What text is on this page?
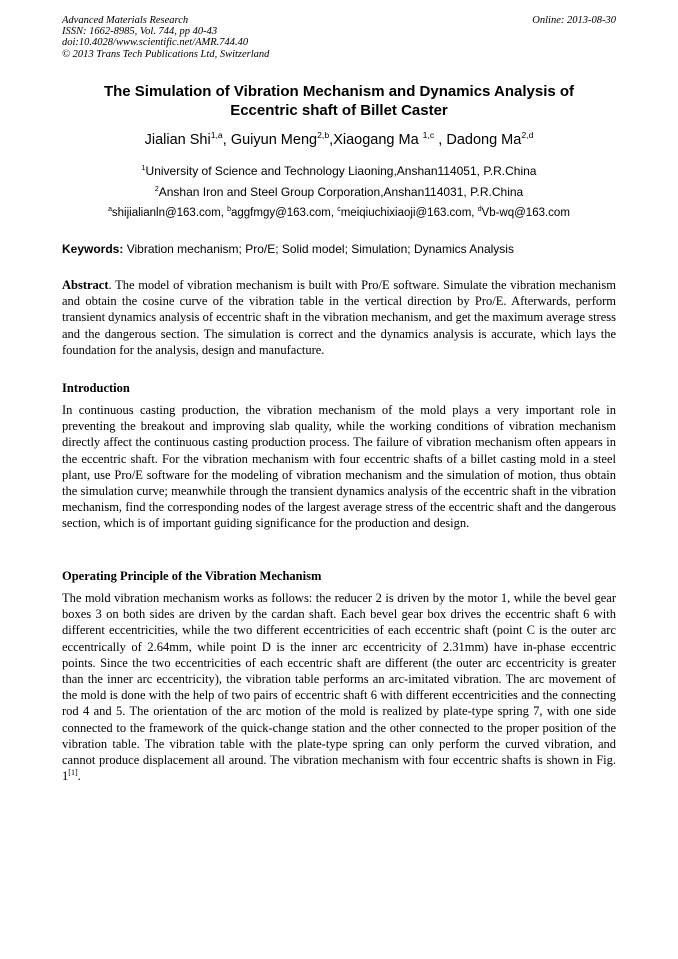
Advanced Materials Research
ISSN: 1662-8985, Vol. 744, pp 40-43
doi:10.4028/www.scientific.net/AMR.744.40
© 2013 Trans Tech Publications Ltd, Switzerland
Online: 2013-08-30
The Simulation of Vibration Mechanism and Dynamics Analysis of
Eccentric shaft of Billet Caster
Jialian Shi$^{1,a}$, Guiyun Meng$^{2,b}$,Xiaogang Ma $^{1,c}$ , Dadong Ma$^{2,d}$
$^1$University of Science and Technology Liaoning,Anshan114051, P.R.China
$^2$Anshan Iron and Steel Group Corporation,Anshan114031, P.R.China
$^a$shijialianln@163.com, $^b$aggfmgy@163.com, $^c$meiqiuchixiaoji@163.com, $^d$Vb-wq@163.com
Keywords: Vibration mechanism; Pro/E; Solid model; Simulation; Dynamics Analysis
Abstract. The model of vibration mechanism is built with Pro/E software. Simulate the vibration mechanism and obtain the cosine curve of the vibration table in the vertical direction by Pro/E. Afterwards, perform transient dynamics analysis of eccentric shaft in the vibration mechanism, and get the maximum average stress and the dangerous section. The simulation is correct and the dynamics analysis is accurate, which lays the foundation for the analysis, design and manufacture.
Introduction
In continuous casting production, the vibration mechanism of the mold plays a very important role in preventing the breakout and improving slab quality, while the working conditions of vibration mechanism directly affect the continuous casting production process. The failure of vibration mechanism often appears in the eccentric shaft. For the vibration mechanism with four eccentric shafts of a billet casting mold in a steel plant, use Pro/E software for the modeling of vibration mechanism and the simulation of motion, thus obtain the simulation curve; meanwhile through the transient dynamics analysis of the eccentric shaft in the vibration mechanism, find the corresponding nodes of the largest average stress of the eccentric shaft and the dangerous section, which is of important guiding significance for the production and design.
Operating Principle of the Vibration Mechanism
The mold vibration mechanism works as follows: the reducer 2 is driven by the motor 1, while the bevel gear boxes 3 on both sides are driven by the cardan shaft. Each bevel gear box drives the eccentric shaft 6 with different eccentricities, while the two different eccentricities of each eccentric shaft (point C is the outer arc eccentrically of 2.64mm, while point D is the inner arc eccentricity of 2.31mm) have in-phase eccentric points. Since the two eccentricities of each eccentric shaft are different (the outer arc eccentricity is greater than the inner arc eccentricity), the vibration table performs an arc-imitated vibration. The arc movement of the mold is done with the help of two pairs of eccentric shaft 6 with different eccentricities and the connecting rod 4 and 5. The orientation of the arc motion of the mold is realized by plate-type spring 7, with one side connected to the framework of the quick-change station and the other connected to the proper position of the vibration table. The vibration table with the plate-type spring can only perform the curved vibration, and cannot produce displacement all around. The vibration mechanism with four eccentric shafts is shown in Fig. 1[1].
